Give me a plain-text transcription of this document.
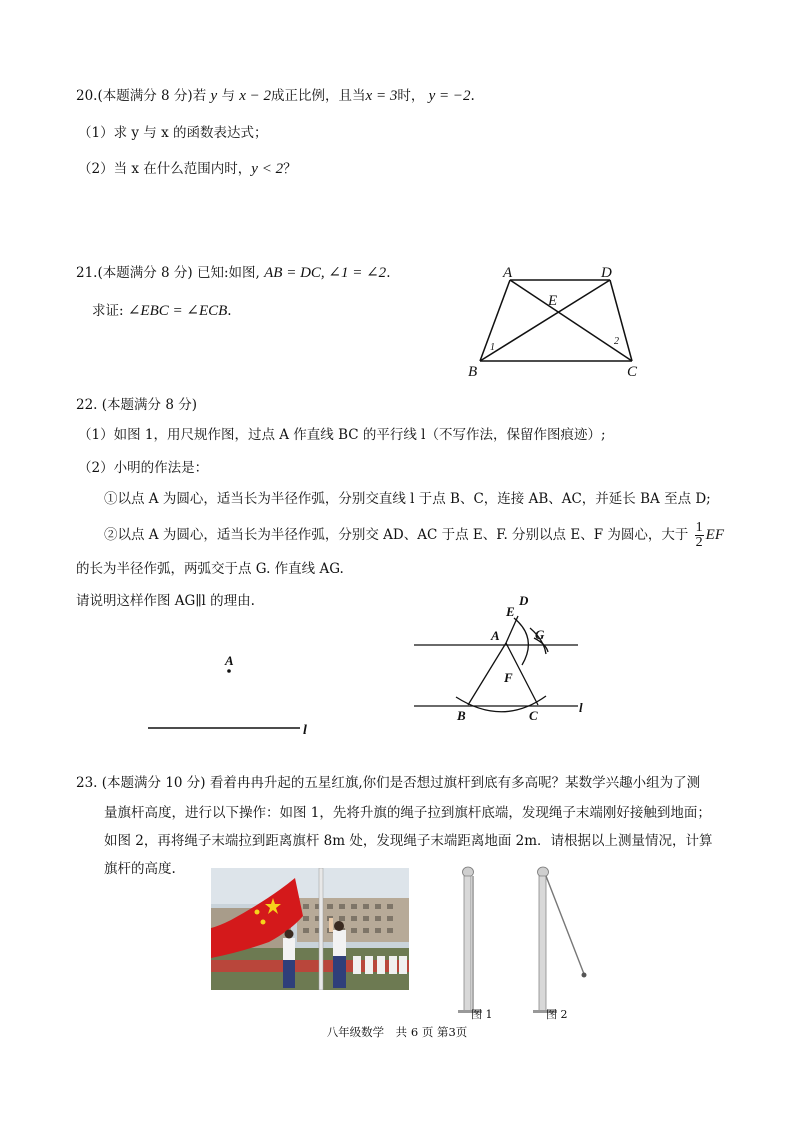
20.(本题满分 8 分)若 y 与 x − 2成正比例，且当x = 3时， y = −2.
（1）求 y 与 x 的函数表达式；
（2）当 x 在什么范围内时，y < 2？
21.(本题满分 8 分) 已知:如图, AB = DC, ∠1 = ∠2.
求证: ∠EBC = ∠ECB.
A	D
E
B	C
1
2
22. (本题满分 8 分)
（1）如图 1，用尺规作图，过点 A 作直线 BC 的平行线 l（不写作法，保留作图痕迹）;
（2）小明的作法是：
①以点 A 为圆心，适当长为半径作弧，分别交直线 l 于点 B、C，连接 AB、AC，并延长 BA 至点 D;
②以点 A 为圆心，适当长为半径作弧，分别交 AD、AC 于点 E、F. 分别以点 E、F 为圆心，大于 $\frac{1}{2}$ EF
的长为半径作弧，两弧交于点 G. 作直线 AG.
请说明这样作图 AG∥l 的理由.
A
l
D
E
A	G
F
B	C
l
23. (本题满分 10 分) 看着冉冉升起的五星红旗,你们是否想过旗杆到底有多高呢？某数学兴趣小组为了测
量旗杆高度，进行以下操作：如图 1，先将升旗的绳子拉到旗杆底端，发现绳子末端刚好接触到地面；
如图 2，再将绳子末端拉到距离旗杆 8m 处，发现绳子末端距离地面 2m．请根据以上测量情况，计算
旗杆的高度.
图 1	图 2
八年级数学　共 6 页 第3页
